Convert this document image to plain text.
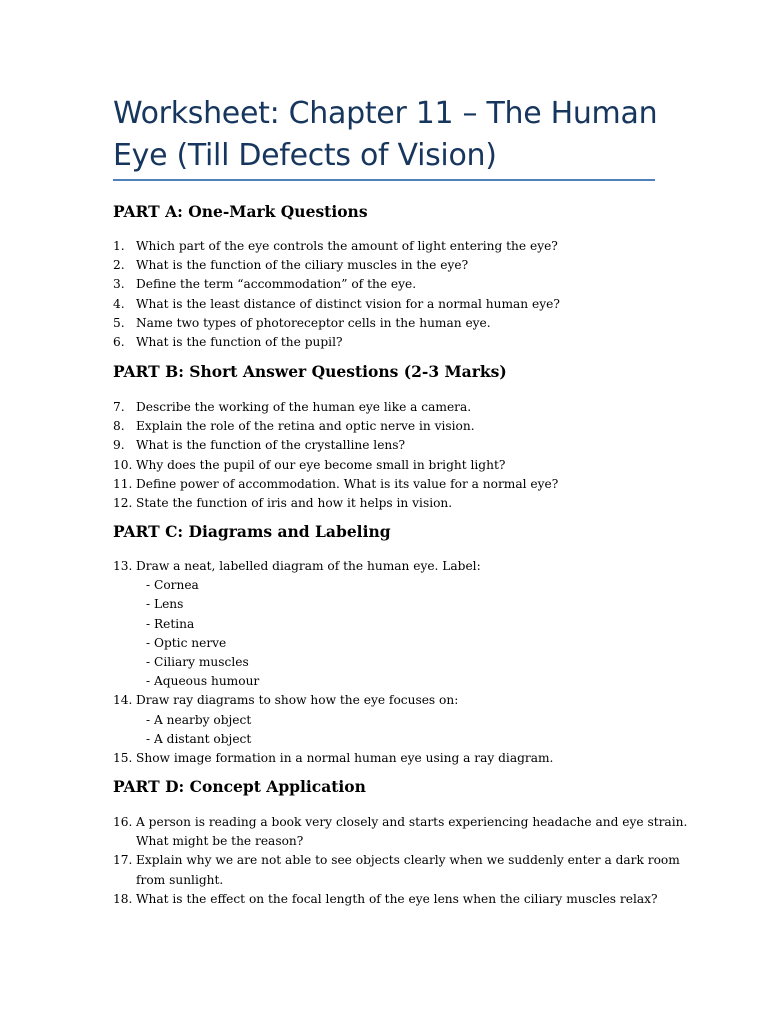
Worksheet: Chapter 11 – The Human Eye (Till Defects of Vision)
PART A: One-Mark Questions
1. Which part of the eye controls the amount of light entering the eye?
2. What is the function of the ciliary muscles in the eye?
3. Define the term “accommodation” of the eye.
4. What is the least distance of distinct vision for a normal human eye?
5. Name two types of photoreceptor cells in the human eye.
6. What is the function of the pupil?
PART B: Short Answer Questions (2-3 Marks)
7. Describe the working of the human eye like a camera.
8. Explain the role of the retina and optic nerve in vision.
9. What is the function of the crystalline lens?
10. Why does the pupil of our eye become small in bright light?
11. Define power of accommodation. What is its value for a normal eye?
12. State the function of iris and how it helps in vision.
PART C: Diagrams and Labeling
13. Draw a neat, labelled diagram of the human eye. Label:
- Cornea
- Lens
- Retina
- Optic nerve
- Ciliary muscles
- Aqueous humour
14. Draw ray diagrams to show how the eye focuses on:
- A nearby object
- A distant object
15. Show image formation in a normal human eye using a ray diagram.
PART D: Concept Application
16. A person is reading a book very closely and starts experiencing headache and eye strain.
What might be the reason?
17. Explain why we are not able to see objects clearly when we suddenly enter a dark room
from sunlight.
18. What is the effect on the focal length of the eye lens when the ciliary muscles relax?
